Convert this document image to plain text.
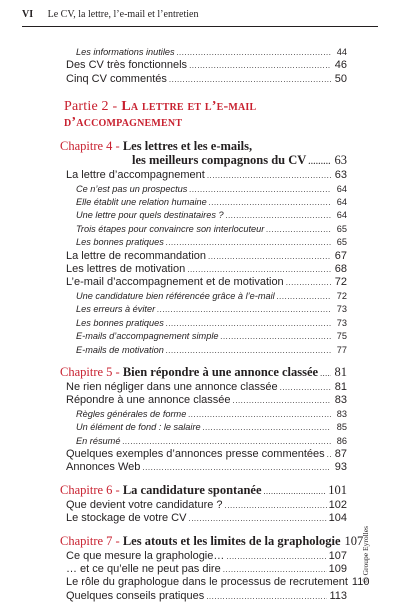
VI Le CV, la lettre, l’e-mail et l’entretien
Les informations inutiles .....	44
Des CV très fonctionnels .....	46
Cinq CV commentés .....	50
Partie 2 - La lettre et l’e-mail d’accompagnement
Chapitre 4 - Les lettres et les e-mails,
les meilleurs compagnons du CV ..... 63
La lettre d’accompagnement .....	63
Ce n’est pas un prospectus .....	64
Elle établit une relation humaine .....	64
Une lettre pour quels destinataires ? .....	64
Trois étapes pour convaincre son interlocuteur .....	65
Les bonnes pratiques .....	65
La lettre de recommandation .....	67
Les lettres de motivation .....	68
L’e-mail d’accompagnement et de motivation .....	72
Une candidature bien référencée grâce à l’e-mail .....	72
Les erreurs à éviter .....	73
Les bonnes pratiques .....	73
E-mails d’accompagnement simple .....	75
E-mails de motivation .....	77
Chapitre 5 - Bien répondre à une annonce classée ..... 81
Ne rien négliger dans une annonce classée .....	81
Répondre à une annonce classée .....	83
Règles générales de forme .....	83
Un élément de fond : le salaire .....	85
En résumé .....	86
Quelques exemples d’annonces presse commentées ..... 87
Annonces Web .....	93
Chapitre 6 - La candidature spontanée .....	101
Que devient votre candidature ? .....	102
Le stockage de votre CV .....	104
Chapitre 7 - Les atouts et les limites de la graphologie 107
Ce que mesure la graphologie… .....	107
… et ce qu’elle ne peut pas dire .....	109
Le rôle du graphologue dans le processus de recrutement 110
Quelques conseils pratiques .....	113
© Groupe Eyrolles
